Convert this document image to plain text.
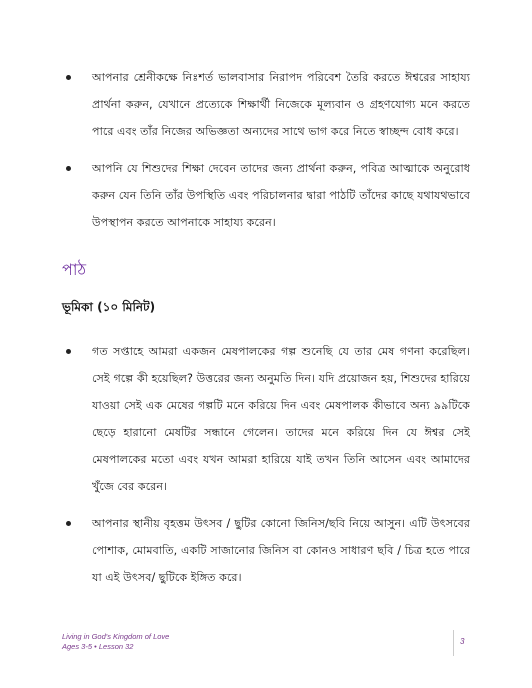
আপনার শ্রেনীকক্ষে নিঃশর্ত ভালবাসার নিরাপদ পরিবেশ তৈরি করতে ঈশ্বরের সাহায্য প্রার্থনা করুন, যেখানে প্রত্যেকে শিক্ষার্থী নিজেকে মূল্যবান ও গ্রহণযোগ্য মনে করতে পারে এবং তাঁর নিজের অভিজ্ঞতা অন্যদের সাথে ভাগ করে নিতে স্বাচ্ছন্দ বোধ করে।
আপনি যে শিশুদের শিক্ষা দেবেন তাদের জন্য প্রার্থনা করুন, পবিত্র আত্মাকে অনুরোধ করুন যেন তিনি তাঁর উপস্থিতি এবং পরিচালনার দ্বারা পাঠটি তাঁদের কাছে যথাযথভাবে উপস্থাপন করতে আপনাকে সাহায্য করেন।
পাঠ
ভূমিকা (১০ মিনিট)
গত সপ্তাহে আমরা একজন মেষপালকের গল্প শুনেছি যে তার মেষ গণনা করেছিল। সেই গল্পে কী হয়েছিল? উত্তরের জন্য অনুমতি দিন। যদি প্রয়োজন হয়, শিশুদের হারিয়ে যাওয়া সেই এক মেষের গল্পটি মনে করিয়ে দিন এবং মেষপালক কীভাবে অন্য ৯৯টিকে ছেড়ে হারানো মেষটির সন্ধানে গেলেন। তাদের মনে করিয়ে দিন যে ঈশ্বর সেই মেষপালকের মতো এবং যখন আমরা হারিয়ে যাই তখন তিনি আসেন এবং আমাদের খুঁজে বের করেন।
আপনার স্থানীয় বৃহত্তম উৎসব / ছুটির কোনো জিনিস/ছবি নিয়ে আসুন। এটি উৎসবের পোশাক, মোমবাতি, একটি সাজানোর জিনিস বা কোনও সাধারণ ছবি / চিত্র হতে পারে যা এই উৎসব/ ছুটিকে ইঙ্গিত করে।
Living in God's Kingdom of Love
Ages 3-5 • Lesson 32
3
